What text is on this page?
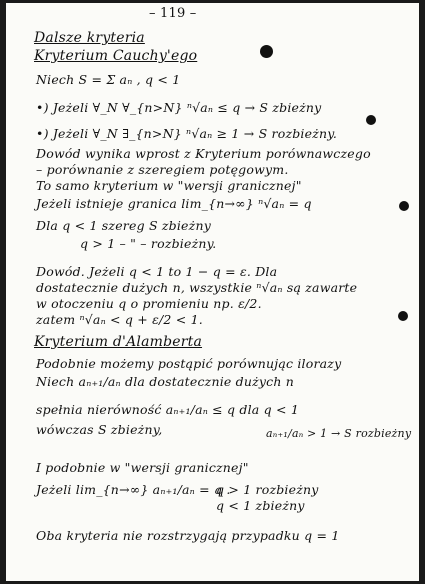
– 119 –
Dalsze kryteria
Kryterium Cauchy'ego
Niech S = Σ aₙ , q < 1
•) Jeżeli ∀_N ∀_{n>N} ⁿ√aₙ ≤ q → S zbieżny
•) Jeżeli ∀_N ∃_{n>N} ⁿ√aₙ ≥ 1 → S rozbieżny.
Dowód wynika wprost z Kryterium porównawczego
– porównanie z szeregiem potęgowym.
To samo kryterium w "wersji granicznej"
Jeżeli istnieje granica lim_{n→∞} ⁿ√aₙ = q
Dla q < 1 szereg S zbieżny
q > 1 – " – rozbieżny.
Dowód. Jeżeli q < 1 to 1 − q = ε. Dla
dostatecznie dużych n, wszystkie ⁿ√aₙ są zawarte
w otoczeniu q o promieniu np. ε/2.
zatem ⁿ√aₙ < q + ε/2 < 1.
Kryterium d'Alamberta
Podobnie możemy postąpić porównując ilorazy
Niech aₙ₊₁/aₙ dla dostatecznie dużych n
spełnia nierówność aₙ₊₁/aₙ ≤ q dla q < 1
wówczas S zbieżny,	aₙ₊₁/aₙ > 1 → S rozbieżny
I podobnie w "wersji granicznej"
Jeżeli lim_{n→∞} aₙ₊₁/aₙ = q .
q > 1 rozbieżny
q < 1 zbieżny
Oba kryteria nie rozstrzygają przypadku q = 1
